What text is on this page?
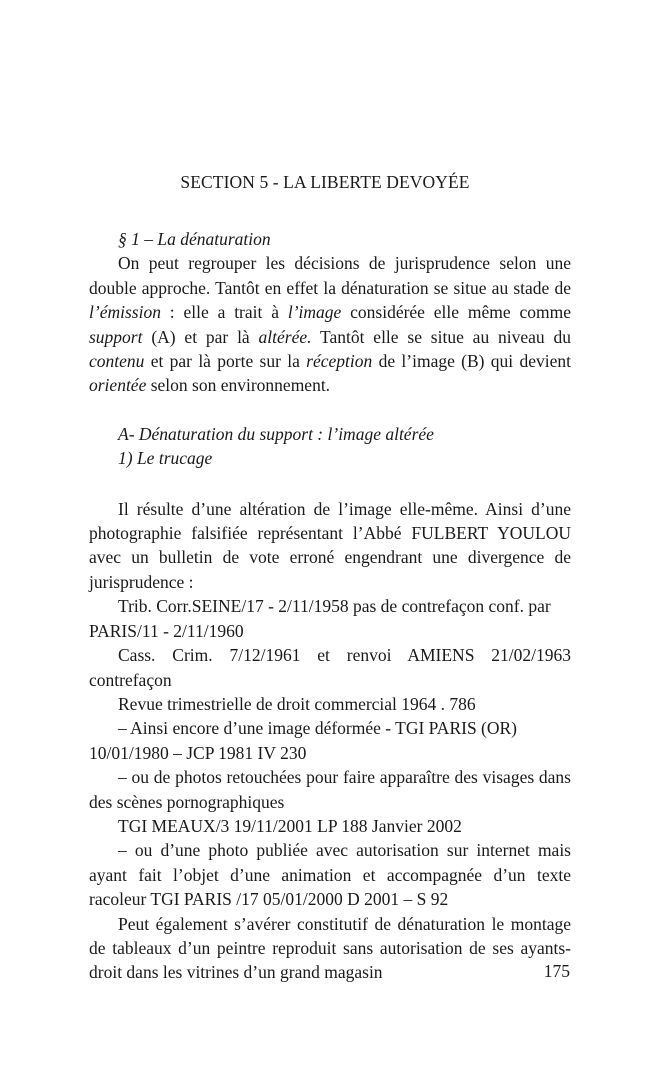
SECTION 5 - LA LIBERTE DEVOYÉE
§ 1 – La dénaturation

On peut regrouper les décisions de jurisprudence selon une double approche. Tantôt en effet la dénaturation se situe au stade de l’émission : elle a trait à l’image considérée elle même comme support (A) et par là altérée. Tantôt elle se situe au niveau du contenu et par là porte sur la réception de l’image (B) qui devient orientée selon son environnement.

A- Dénaturation du support : l’image altérée
1) Le trucage

Il résulte d’une altération de l’image elle-même. Ainsi d’une photographie falsifiée représentant l’Abbé FULBERT YOULOU avec un bulletin de vote erroné engendrant une divergence de jurisprudence :

Trib. Corr.SEINE/17 - 2/11/1958 pas de contrefaçon conf. par PARIS/11 - 2/11/1960

Cass. Crim. 7/12/1961 et renvoi AMIENS 21/02/1963 contrefaçon

Revue trimestrielle de droit commercial 1964 . 786

– Ainsi encore d’une image déformée - TGI PARIS (OR) 10/01/1980 – JCP 1981 IV 230

– ou de photos retouchées pour faire apparaître des visages dans des scènes pornographiques

TGI MEAUX/3 19/11/2001 LP 188 Janvier 2002

– ou d’une photo publiée avec autorisation sur internet mais ayant fait l’objet d’une animation et accompagnée d’un texte racoleur TGI PARIS /17 05/01/2000 D 2001 – S 92

Peut également s’avérer constitutif de dénaturation le montage de tableaux d’un peintre reproduit sans autorisation de ses ayants-droit dans les vitrines d’un grand magasin	175
